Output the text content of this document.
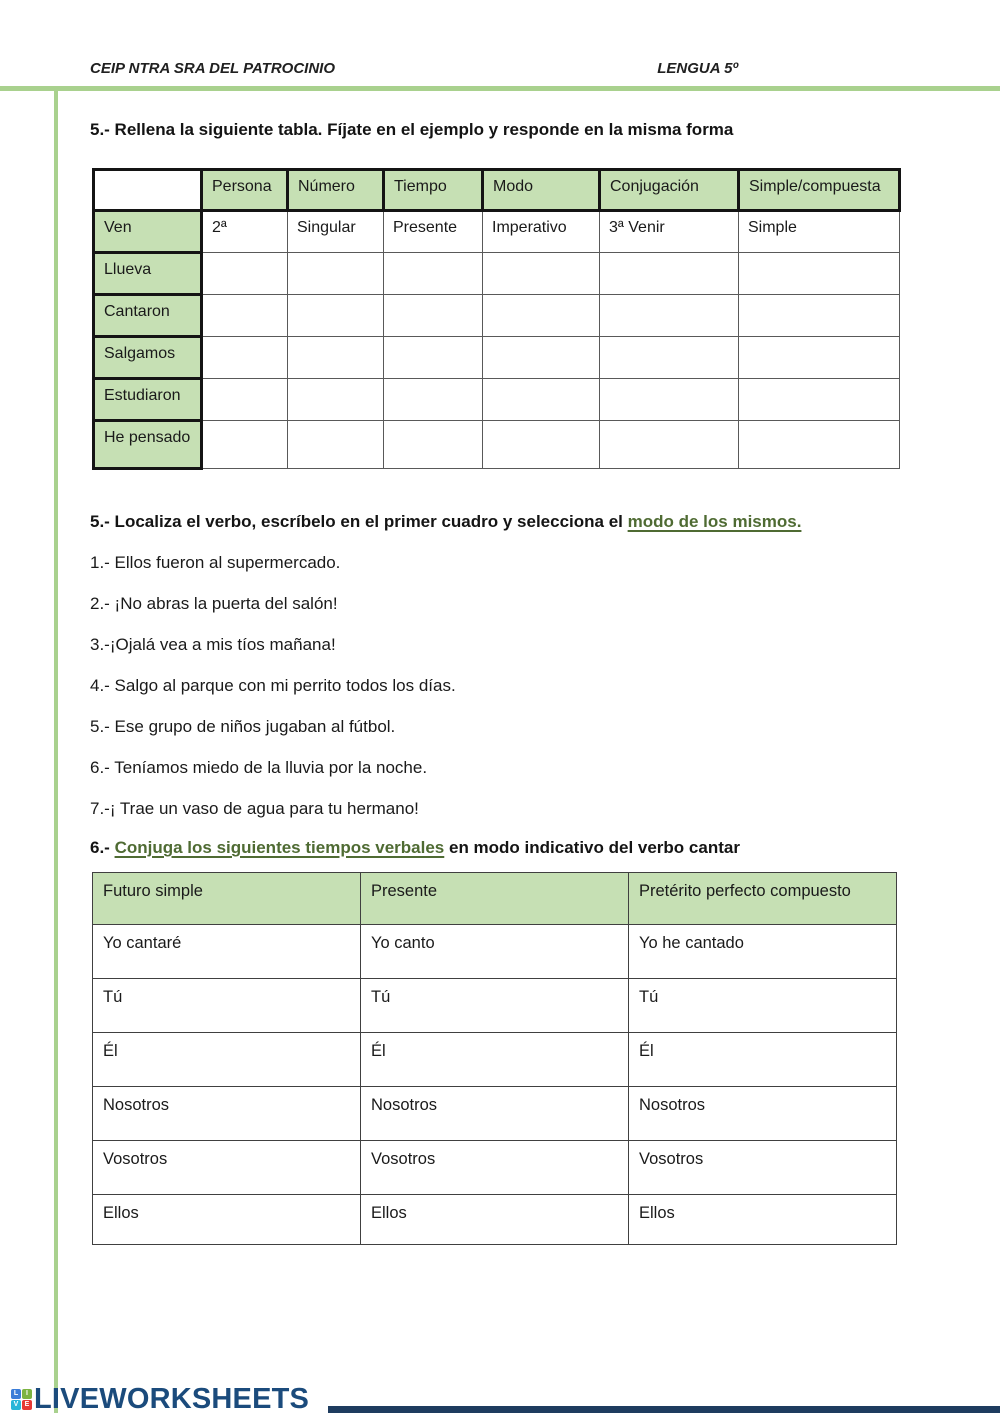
CEIP NTRA SRA DEL PATROCINIO	LENGUA 5º
5.- Rellena la siguiente tabla. Fíjate en el ejemplo y responde en la misma forma
	Persona	Número	Tiempo	Modo	Conjugación	Simple/compuesta
Ven	2ª	Singular	Presente	Imperativo	3ª Venir	Simple
Llueva						
Cantaron						
Salgamos						
Estudiaron						
He pensado						
5.- Localiza el verbo, escríbelo en el primer cuadro y selecciona el modo de los mismos.
1.- Ellos fueron al supermercado.
2.- ¡No abras la puerta del salón!
3.-¡Ojalá vea a mis tíos mañana!
4.- Salgo al parque con mi perrito todos los días.
5.- Ese grupo de niños jugaban al fútbol.
6.- Teníamos miedo de la lluvia por la noche.
7.-¡ Trae un vaso de agua para tu hermano!
6.- Conjuga los siguientes tiempos verbales en modo indicativo del verbo cantar
Futuro simple	Presente	Pretérito perfecto compuesto
Yo cantaré	Yo canto	Yo he cantado
Tú	Tú	Tú
Él	Él	Él
Nosotros	Nosotros	Nosotros
Vosotros	Vosotros	Vosotros
Ellos	Ellos	Ellos
L	I
V E LIVEWORKSHEETS
